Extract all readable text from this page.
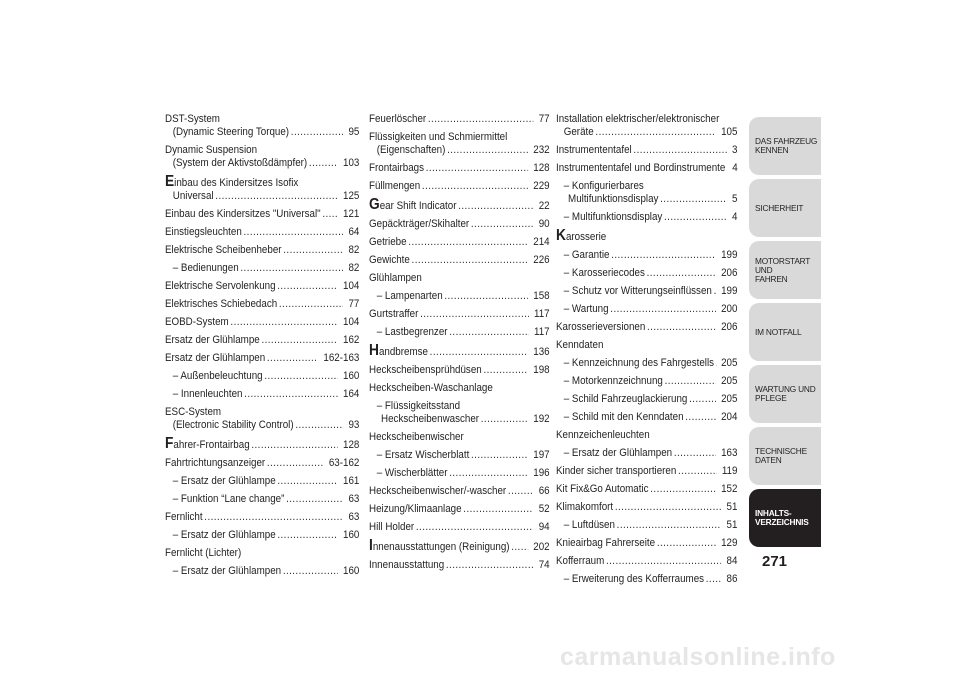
DST-System
(Dynamic Steering Torque) .....	95
Dynamic Suspension
(System der Aktivstoßdämpfer) .....	103
Einbau des Kindersitzes Isofix
Universal .....	125
Einbau des Kindersitzes "Universal" .....	121
Einstiegsleuchten .....	64
Elektrische Scheibenheber .....	82
– Bedienungen .....	82
Elektrische Servolenkung .....	104
Elektrisches Schiebedach .....	77
EOBD-System .....	104
Ersatz der Glühlampe .....	162
Ersatz der Glühlampen .....	162-163
– Außenbeleuchtung .....	160
– Innenleuchten .....	164
ESC-System
(Electronic Stability Control) .....	93
Fahrer-Frontairbag .....	128
Fahrtrichtungsanzeiger .....	63-162
– Ersatz der Glühlampe .....	161
– Funktion “Lane change” .....	63
Fernlicht .....	63
– Ersatz der Glühlampe .....	160
Fernlicht (Lichter)
– Ersatz der Glühlampen .....	160
Feuerlöscher .....	77
Flüssigkeiten und Schmiermittel
(Eigenschaften) .....	232
Frontairbags .....	128
Füllmengen .....	229
Gear Shift Indicator .....	22
Gepäckträger/Skihalter .....	90
Getriebe .....	214
Gewichte .....	226
Glühlampen
– Lampenarten .....	158
Gurtstraffer .....	117
– Lastbegrenzer .....	117
Handbremse .....	136
Heckscheibensprühdüsen .....	198
Heckscheiben-Waschanlage
– Flüssigkeitsstand
Heckscheibenwascher .....	192
Heckscheibenwischer
– Ersatz Wischerblatt .....	197
– Wischerblätter .....	196
Heckscheibenwischer/-wascher .....	66
Heizung/Klimaanlage .....	52
Hill Holder .....	94
Innenausstattungen (Reinigung) .....	202
Innenausstattung .....	74
Installation elektrischer/elektronischer
Geräte .....	105
Instrumententafel .....	3
Instrumententafel und Bordinstrumente 4
– Konfigurierbares
Multifunktionsdisplay .....	5
– Multifunktionsdisplay .....	4
Karosserie
– Garantie .....	199
– Karosseriecodes .....	206
– Schutz vor Witterungseinflüssen ..... 199
– Wartung .....	200
Karosserieversionen .....	206
Kenndaten
– Kennzeichnung des Fahrgestells ..... 205
– Motorkennzeichnung .....	205
– Schild Fahrzeuglackierung .....	205
– Schild mit den Kenndaten .....	204
Kennzeichenleuchten
– Ersatz der Glühlampen .....	163
Kinder sicher transportieren .....	119
Kit Fix&Go Automatic .....	152
Klimakomfort .....	51
– Luftdüsen .....	51
Knieairbag Fahrerseite .....	129
Kofferraum .....	84
– Erweiterung des Kofferraumes .....	86
DAS FAHRZEUG
KENNEN
SICHERHEIT
MOTORSTART UND
FAHREN
IM NOTFALL
WARTUNG UND
PFLEGE
TECHNISCHE DATEN
INHALTS-
VERZEICHNIS
271
carmanualsonline.info
